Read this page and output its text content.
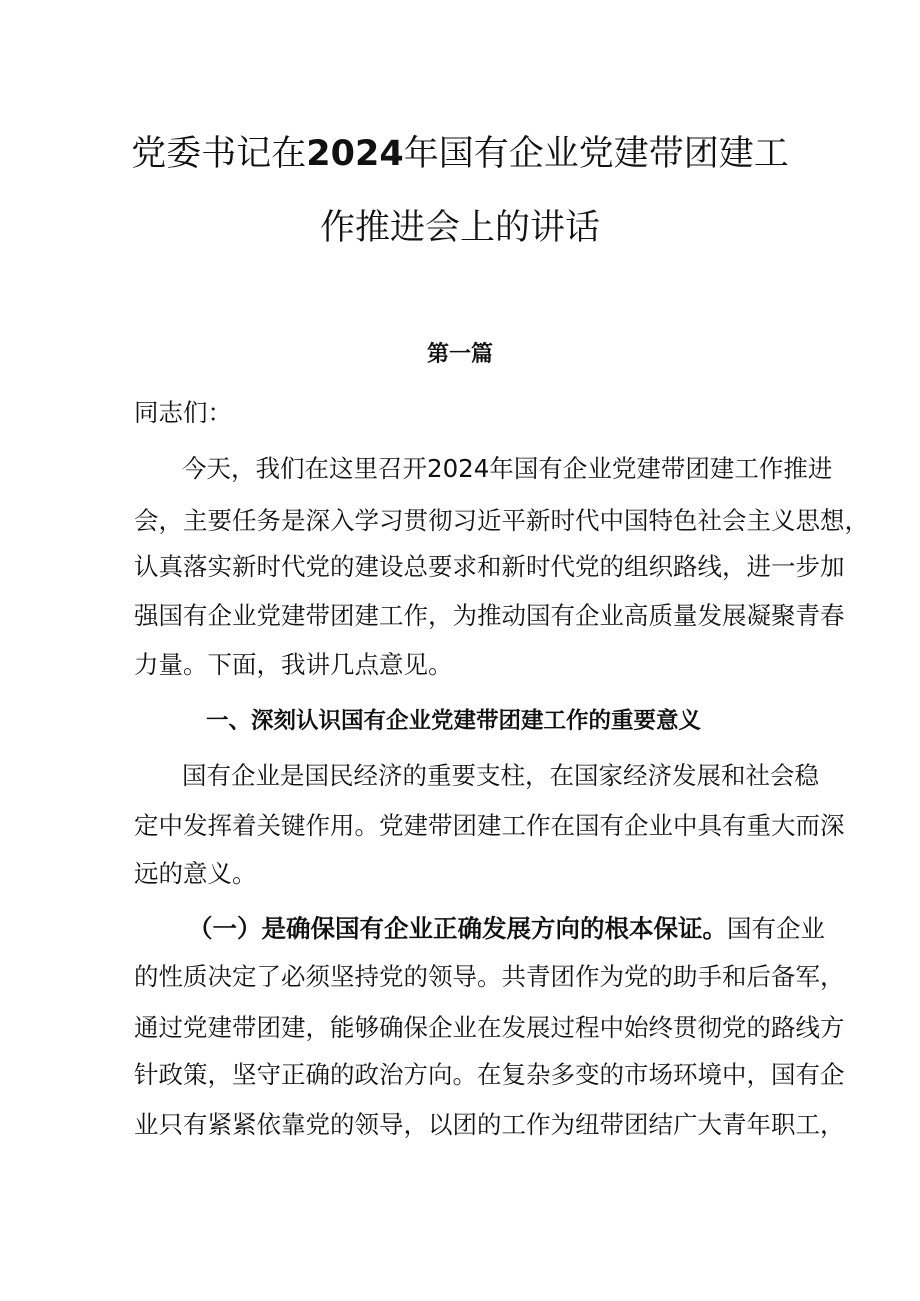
党委书记在2024年国有企业党建带团建工
作推进会上的讲话
第一篇
同志们：
今天，我们在这里召开2024年国有企业党建带团建工作推进
会，主要任务是深入学习贯彻习近平新时代中国特色社会主义思想，
认真落实新时代党的建设总要求和新时代党的组织路线，进一步加
强国有企业党建带团建工作，为推动国有企业高质量发展凝聚青春
力量。下面，我讲几点意见。
一、深刻认识国有企业党建带团建工作的重要意义
国有企业是国民经济的重要支柱，在国家经济发展和社会稳
定中发挥着关键作用。党建带团建工作在国有企业中具有重大而深
远的意义。
（一）是确保国有企业正确发展方向的根本保证。国有企业
的性质决定了必须坚持党的领导。共青团作为党的助手和后备军，
通过党建带团建，能够确保企业在发展过程中始终贯彻党的路线方
针政策，坚守正确的政治方向。在复杂多变的市场环境中，国有企
业只有紧紧依靠党的领导，以团的工作为纽带团结广大青年职工，
